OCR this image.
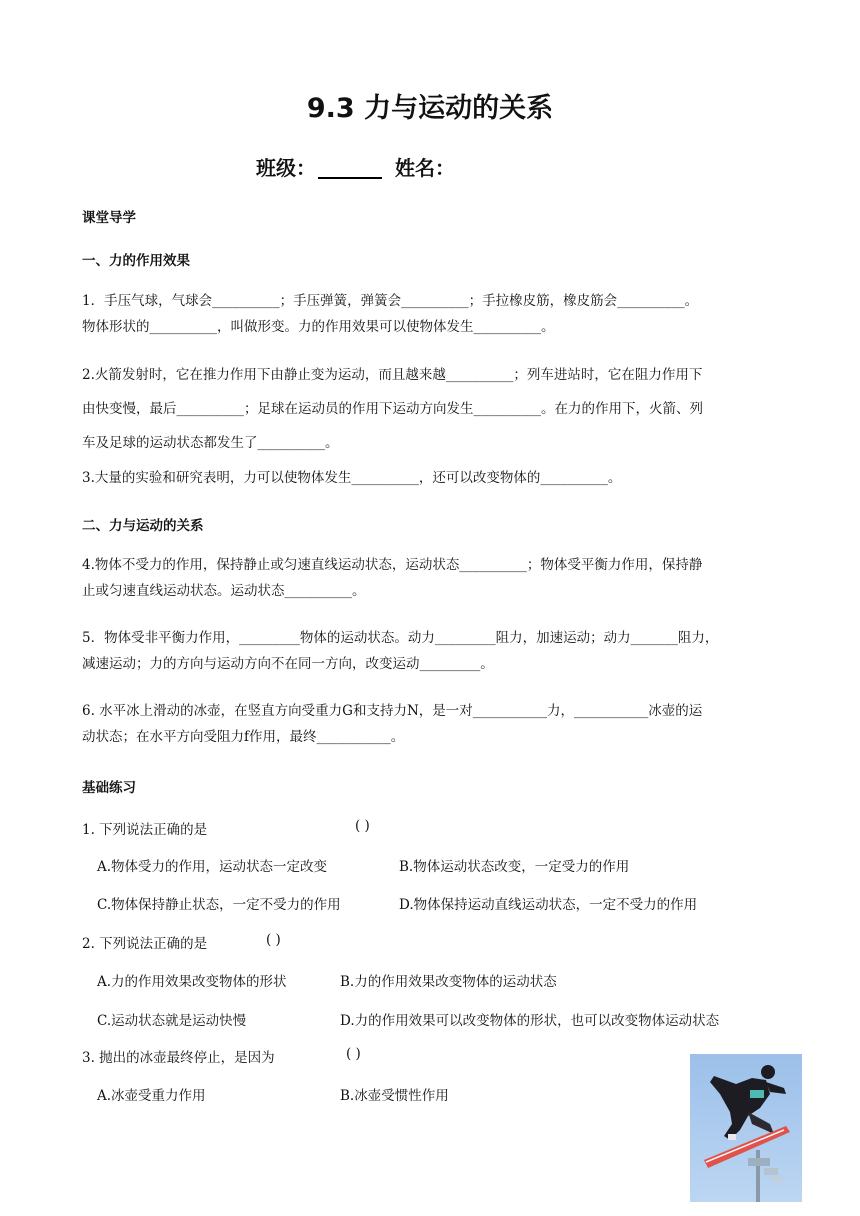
9.3 力与运动的关系
班级：	姓名：
课堂导学
一、力的作用效果
1．手压气球，气球会__________；手压弹簧，弹簧会__________；手拉橡皮筋，橡皮筋会__________。
物体形状的__________，叫做形变。力的作用效果可以使物体发生__________。
2.火箭发射时，它在推力作用下由静止变为运动，而且越来越__________；列车进站时，它在阻力作用下
由快变慢，最后__________；足球在运动员的作用下运动方向发生__________。在力的作用下，火箭、列
车及足球的运动状态都发生了__________。
3.大量的实验和研究表明，力可以使物体发生__________，还可以改变物体的__________。
二、力与运动的关系
4.物体不受力的作用，保持静止或匀速直线运动状态，运动状态__________；物体受平衡力作用，保持静
止或匀速直线运动状态。运动状态__________。
5．物体受非平衡力作用，_________物体的运动状态。动力_________阻力，加速运动；动力_______阻力，
减速运动；力的方向与运动方向不在同一方向，改变运动_________。
6. 水平冰上滑动的冰壶，在竖直方向受重力G和支持力N，是一对___________力，___________冰壶的运
动状态；在水平方向受阻力f作用，最终___________。
基础练习
1. 下列说法正确的是	( )
A.物体受力的作用，运动状态一定改变	B.物体运动状态改变，一定受力的作用
C.物体保持静止状态，一定不受力的作用	D.物体保持运动直线运动状态，一定不受力的作用
2. 下列说法正确的是	( )
A.力的作用效果改变物体的形状	B.力的作用效果改变物体的运动状态
C.运动状态就是运动快慢	D.力的作用效果可以改变物体的形状，也可以改变物体运动状态
3. 抛出的冰壶最终停止，是因为	( )
A.冰壶受重力作用	B.冰壶受惯性作用
